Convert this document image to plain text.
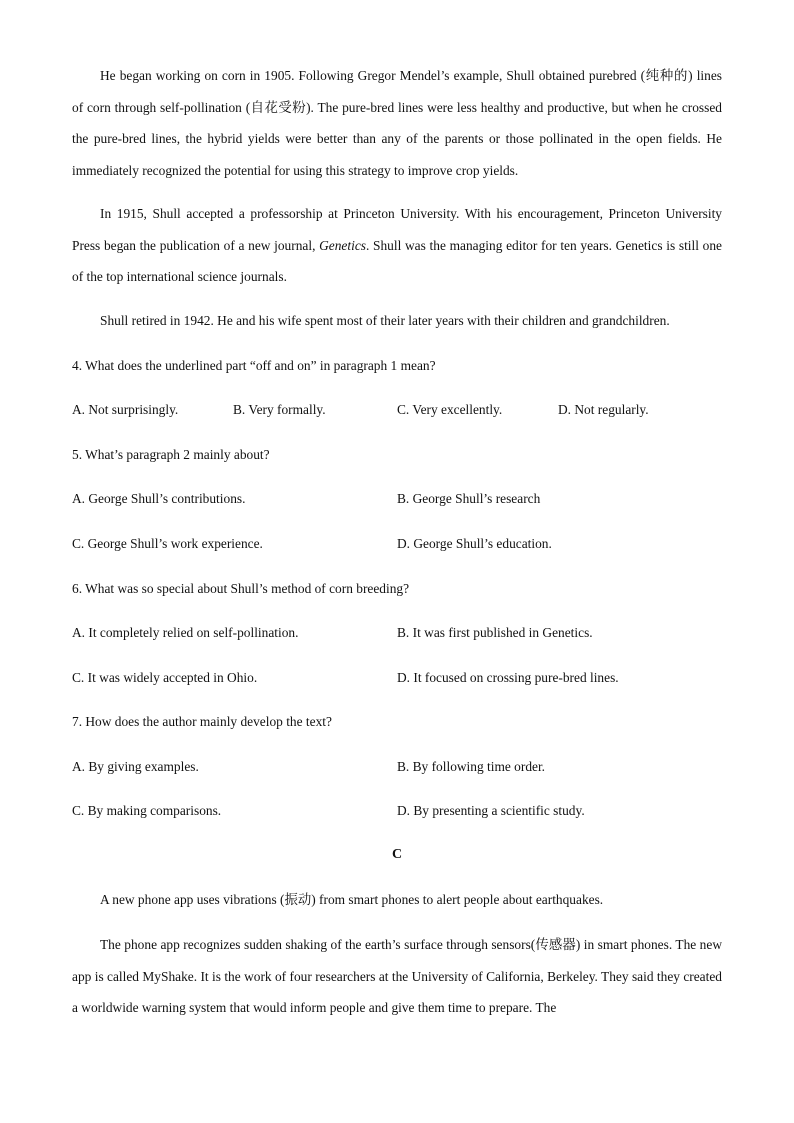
He began working on corn in 1905. Following Gregor Mendel’s example, Shull obtained purebred (纯种的) lines of corn through self-pollination (自花受粉). The pure-bred lines were less healthy and productive, but when he crossed the pure-bred lines, the hybrid yields were better than any of the parents or those pollinated in the open fields. He immediately recognized the potential for using this strategy to improve crop yields.

In 1915, Shull accepted a professorship at Princeton University. With his encouragement, Princeton University Press began the publication of a new journal, Genetics. Shull was the managing editor for ten years. Genetics is still one of the top international science journals.

Shull retired in 1942. He and his wife spent most of their later years with their children and grandchildren.

4. What does the underlined part “off and on” in paragraph 1 mean?

A. Not surprisingly.	B. Very formally.	C. Very excellently.	D. Not regularly.

5. What’s paragraph 2 mainly about?

A. George Shull’s contributions.	B. George Shull’s research

C. George Shull’s work experience.	D. George Shull’s education.

6. What was so special about Shull’s method of corn breeding?

A. It completely relied on self-pollination.	B. It was first published in Genetics.

C. It was widely accepted in Ohio.	D. It focused on crossing pure-bred lines.

7. How does the author mainly develop the text?

A. By giving examples.	B. By following time order.

C. By making comparisons.	D. By presenting a scientific study.

C

A new phone app uses vibrations (振动) from smart phones to alert people about earthquakes.

The phone app recognizes sudden shaking of the earth’s surface through sensors(传感器) in smart phones. The new app is called MyShake. It is the work of four researchers at the University of California, Berkeley. They said they created a worldwide warning system that would inform people and give them time to prepare. The
